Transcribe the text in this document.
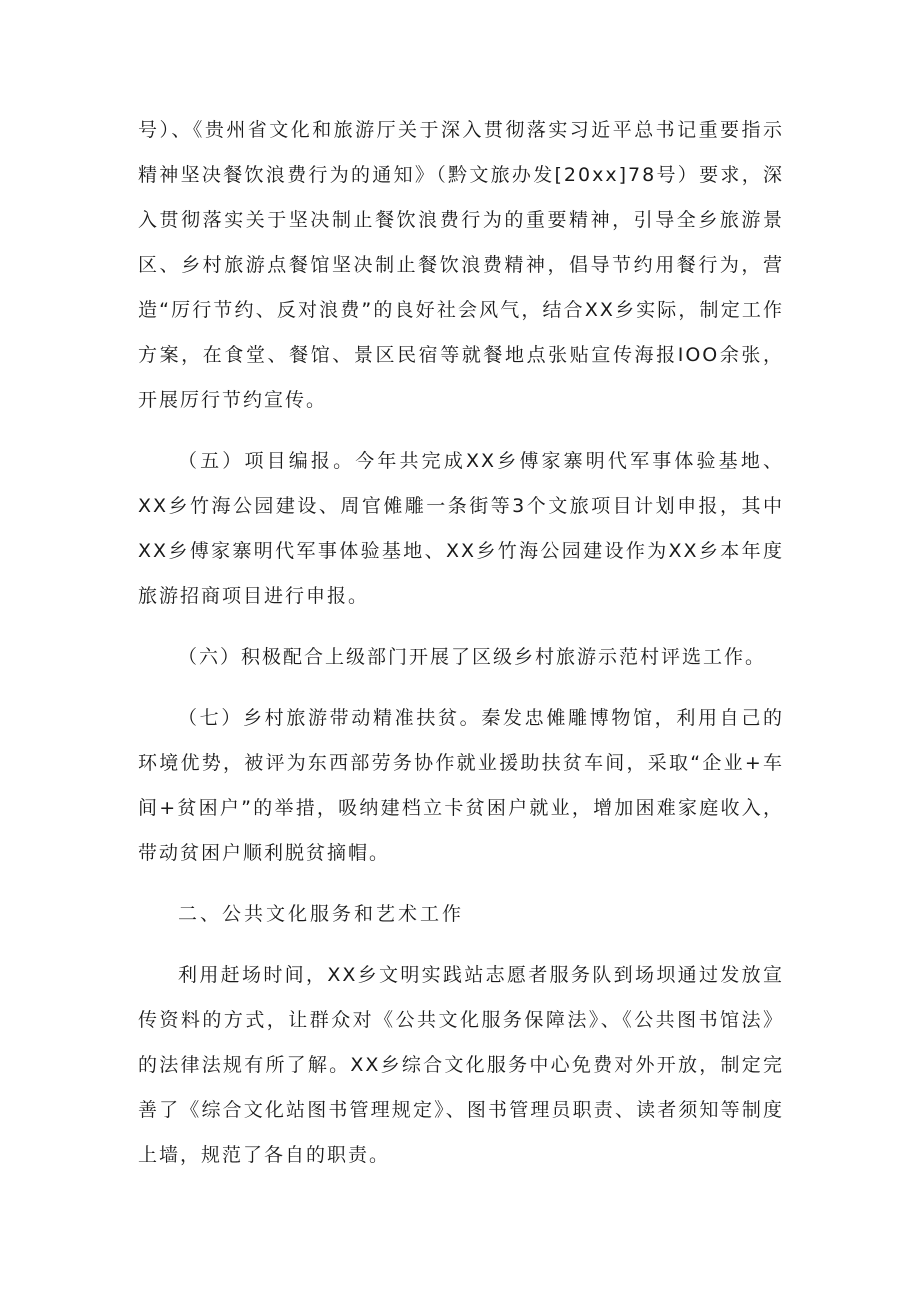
号）、《贵州省文化和旅游厅关于深入贯彻落实习近平总书记重要指示精神坚决餐饮浪费行为的通知》（黔文旅办发[20xx]78号）要求，深入贯彻落实关于坚决制止餐饮浪费行为的重要精神，引导全乡旅游景区、乡村旅游点餐馆坚决制止餐饮浪费精神，倡导节约用餐行为，营造“厉行节约、反对浪费”的良好社会风气，结合XX乡实际，制定工作方案，在食堂、餐馆、景区民宿等就餐地点张贴宣传海报IOO余张，开展厉行节约宣传。

（五）项目编报。今年共完成XX乡傅家寨明代军事体验基地、XX乡竹海公园建设、周官傩雕一条街等3个文旅项目计划申报，其中XX乡傅家寨明代军事体验基地、XX乡竹海公园建设作为XX乡本年度旅游招商项目进行申报。

（六）积极配合上级部门开展了区级乡村旅游示范村评选工作。

（七）乡村旅游带动精准扶贫。秦发忠傩雕博物馆，利用自己的环境优势，被评为东西部劳务协作就业援助扶贫车间，采取“企业+车间+贫困户”的举措，吸纳建档立卡贫困户就业，增加困难家庭收入，带动贫困户顺利脱贫摘帽。

二、公共文化服务和艺术工作

利用赶场时间，XX乡文明实践站志愿者服务队到场坝通过发放宣传资料的方式，让群众对《公共文化服务保障法》、《公共图书馆法》的法律法规有所了解。XX乡综合文化服务中心免费对外开放，制定完善了《综合文化站图书管理规定》、图书管理员职责、读者须知等制度上墙，规范了各自的职责。
